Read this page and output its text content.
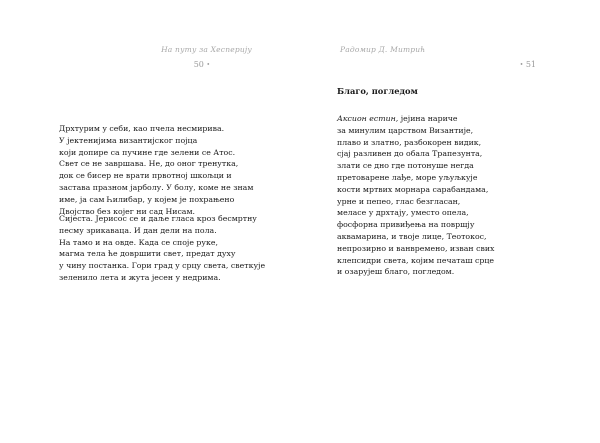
На путу за Хесперију
50 •
Дрхтурим у себи, као пчела несмирива.
У јектенијима византијског појца
који допире са пучине где зелени се Атос.
Свет се не завршава. Не, до оног тренутка,
док се бисер не врати првотној шкољци и
застава празном јарболу. У болу, коме не знам
име, ја сам Һилибар, у којем је похрањено
Двојство без којег ни сад Нисам.
Сијеста. Јерисос се и даље гласа кроз бесмртну
песму зрикаваца. И дан дели на пола.
На тамо и на овде. Када се спојe руке,
магма тела ће довршити свет, предат духу
у чину постанка. Гори град у срцу света, светкује
зеленило лета и жута јесен у недрима.
Радомир Д. Митрић
• 51
Благо, погледом
Аксион естин, јејина нариче
за минулим царством Византије,
плаво и златно, разбокорен видик,
сјај разливен до обала Трапезунта,
злати се дно где потонуше негда
претоварене лађе, море уљуљкује
кости мртвих морнара сарабандама,
урне и пепео, глас безгласан,
меласе у дрхтају, уместо опела,
фосфорна привиђења на површју
аквамарина, и твоје лице, Теотокос,
непрозирно и ванвремено, изван свих
клепсидри света, којим печаташ срце
и озарујеш благо, погледом.
